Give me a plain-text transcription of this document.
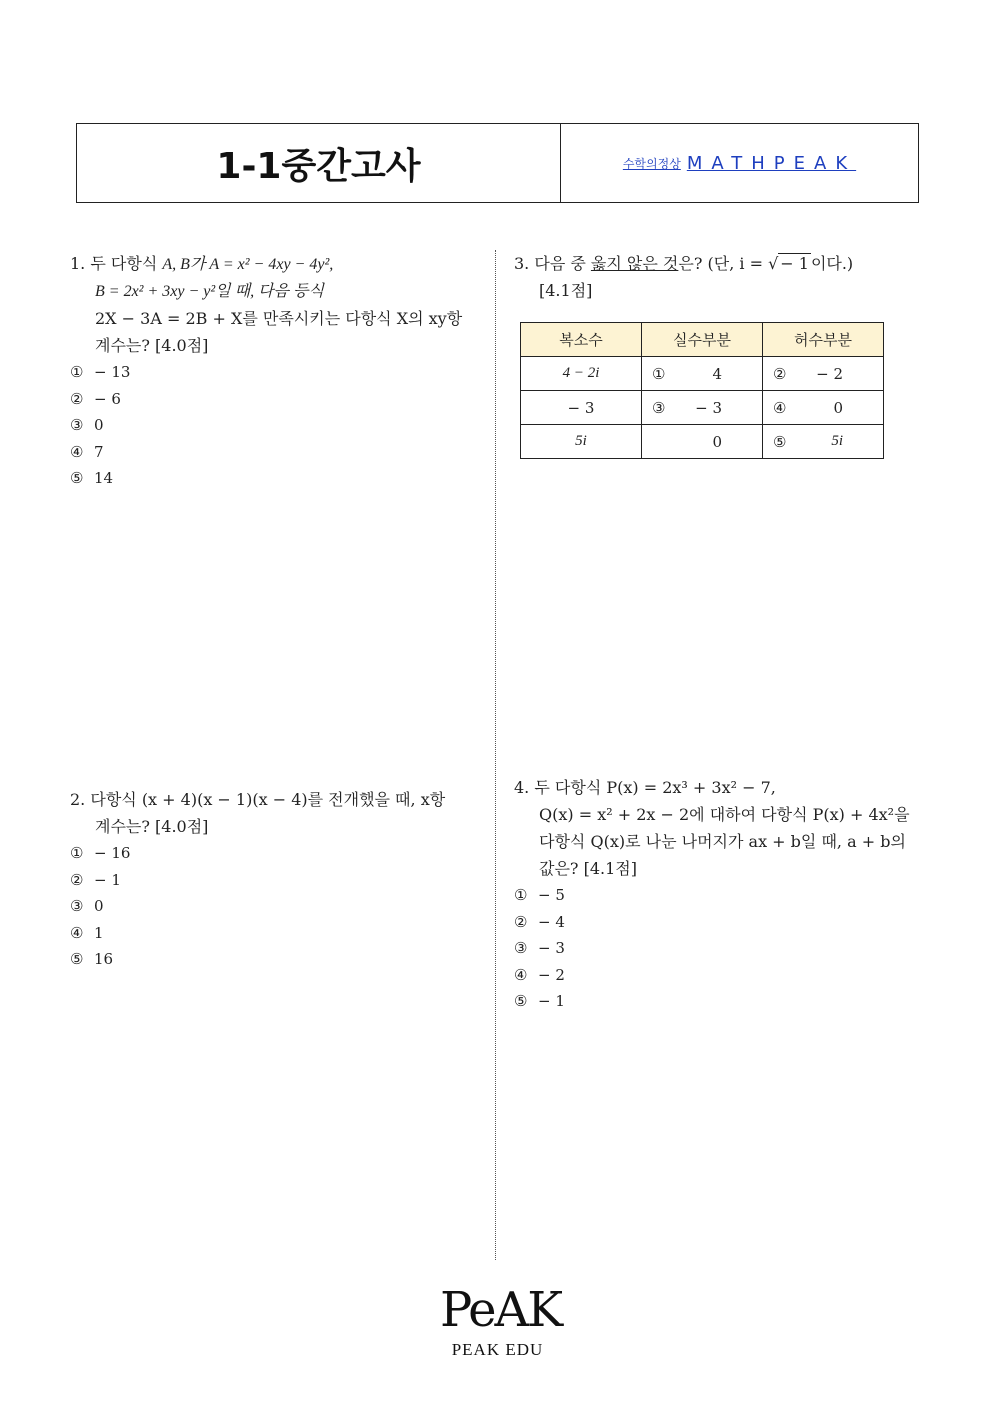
1-1중간고사	수학의정상 MATHPEAK
1. 두 다항식 A, B가 A = x² − 4xy − 4y²,
B = 2x² + 3xy − y²일 때, 다음 등식
2X − 3A = 2B + X를 만족시키는 다항식 X의 xy항
계수는? [4.0점]
① − 13
② − 6
③ 0
④ 7
⑤ 14
2. 다항식 (x + 4)(x − 1)(x − 4)를 전개했을 때, x항
계수는? [4.0점]
① − 16
② − 1
③ 0
④ 1
⑤ 16
3. 다음 중 옳지 않은 것은? (단, i = √ − 1 이다.)
[4.1점]
복소수	실수부분	허수부분
4 − 2i	① 4	② − 2

− 3	③ − 3	④ 0

5i	0	⑤ 5i
4. 두 다항식 P(x) = 2x³ + 3x² − 7,
Q(x) = x² + 2x − 2에 대하여 다항식 P(x) + 4x²을
다항식 Q(x)로 나눈 나머지가 ax + b일 때, a + b의
값은? [4.1점]
① − 5
② − 4
③ − 3
④ − 2
⑤ − 1
PeAK
PEAK EDU
